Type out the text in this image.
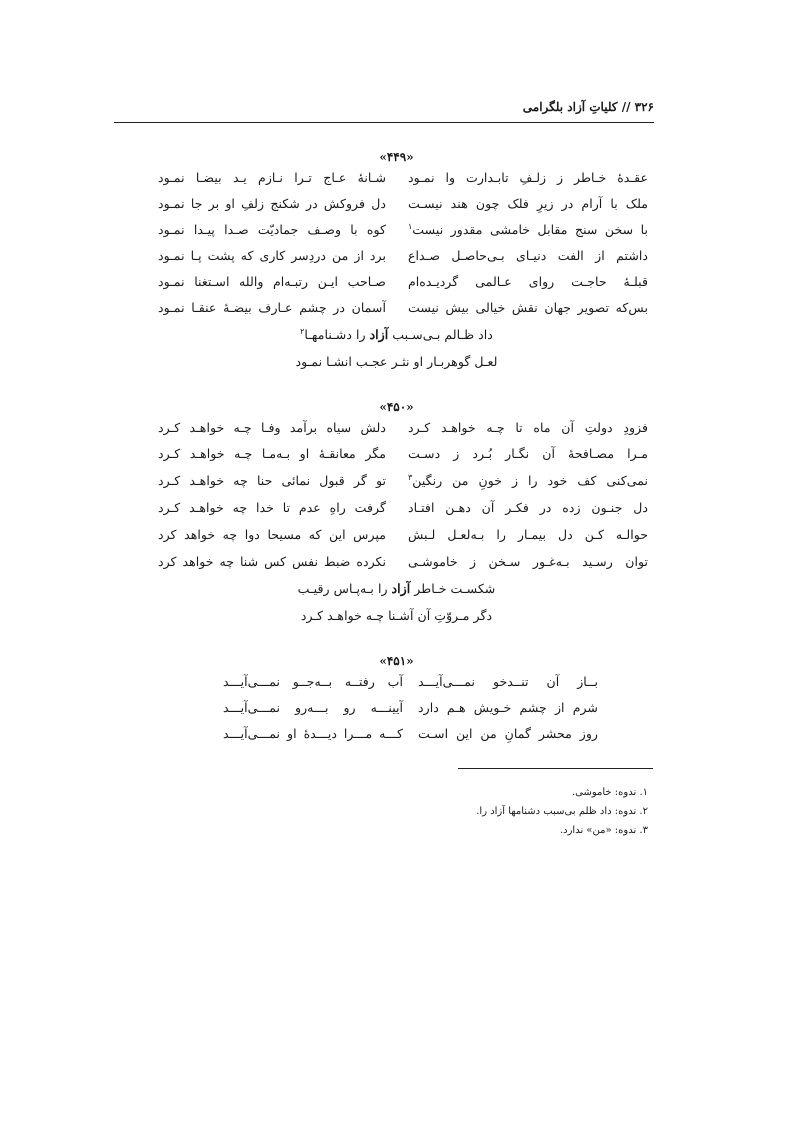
۳۲۶ // کلیاتِ آزاد بلگرامی
«۴۴۹»
عقـدۀ خـاطر ز زلـفِ تابـدارت وا نمـود
شـانۀ عـاج تـرا نـازم یـد بیضـا نمـود
ملک با آرام در زیرِ فلک چون هند نیسـت
دل فروکش در شکنج زلفِ او بر جا نمـود
با سخن سنج مقابل خامشی مقدور نیست$^۱$
کوه با وصـف جمادیّت صـدا پیـدا نمـود
داشتم از الفت دنیـای بـی‌حاصـل صـداع
برد از من دردِسر کاری که پشت پـا نمـود
قبلـۀ حاجـت روای عـالمی گردیـده‌ام
صـاحب ایـن رتبـه‌ام والله اسـتغنا نمـود
بس‌که تصویر جهان نقش خیالی بیش نیست
آسمان در چشم عـارف بیضـۀ عنقـا نمـود
داد ظـالم بـی‌سـبب آزاد را دشـنامهـا$^۲$
لعـل گوهربـار او نثـر عجـب انشـا نمـود
«۴۵۰»
فزودِ دولتِ آن ماه تا چـه خواهـد کـرد
دلش سیاه برآمد وفـا چـه خواهـد کـرد
مـرا مصـافحۀ آن نگـار بُـرد ز دسـت
مگر معانقـۀ او بـه‌مـا چـه خواهـد کـرد
نمی‌کنی کف خود را ز خونِ من رنگین$^۳$
تو گر قبول نمائی حنا چه خواهـد کـرد
دل جنـون زده در فکـر آن دهـن افتـاد
گرفت راهِ عدم تا خدا چه خواهـد کـرد
حوالـه کـن دل بیمـار را بـه‌لعـل لـبش
مپرس این که مسیحا دوا چه خواهد کرد
توان رسـید بـه‌غـور سـخن ز خاموشـی
نکرده ضبط نفس کس شنا چه خواهد کرد
شکسـت خـاطر آزاد را بـه‌پـاس رقیـب
دگر مـروّتِ آن آشـنا چـه خواهـد کـرد
«۴۵۱»
بــاز آن تنــدخو نمـــی‌آیـــد
آب رفتــه بــه‌جــو نمـــی‌آیـــد
شرم از چشم خـویش هـم دارد
آیینـــه رو بـــه‌رو نمـــی‌آیـــد
روز محشر گمانِ من این اسـت
کـــه مـــرا دیـــدۀ او نمـــی‌آیـــد
۱. ندوه: خاموشی.
۲. ندوه: داد ظلم بی‌سبب دشنامها آزاد را.
۳. ندوه: «من» ندارد.
